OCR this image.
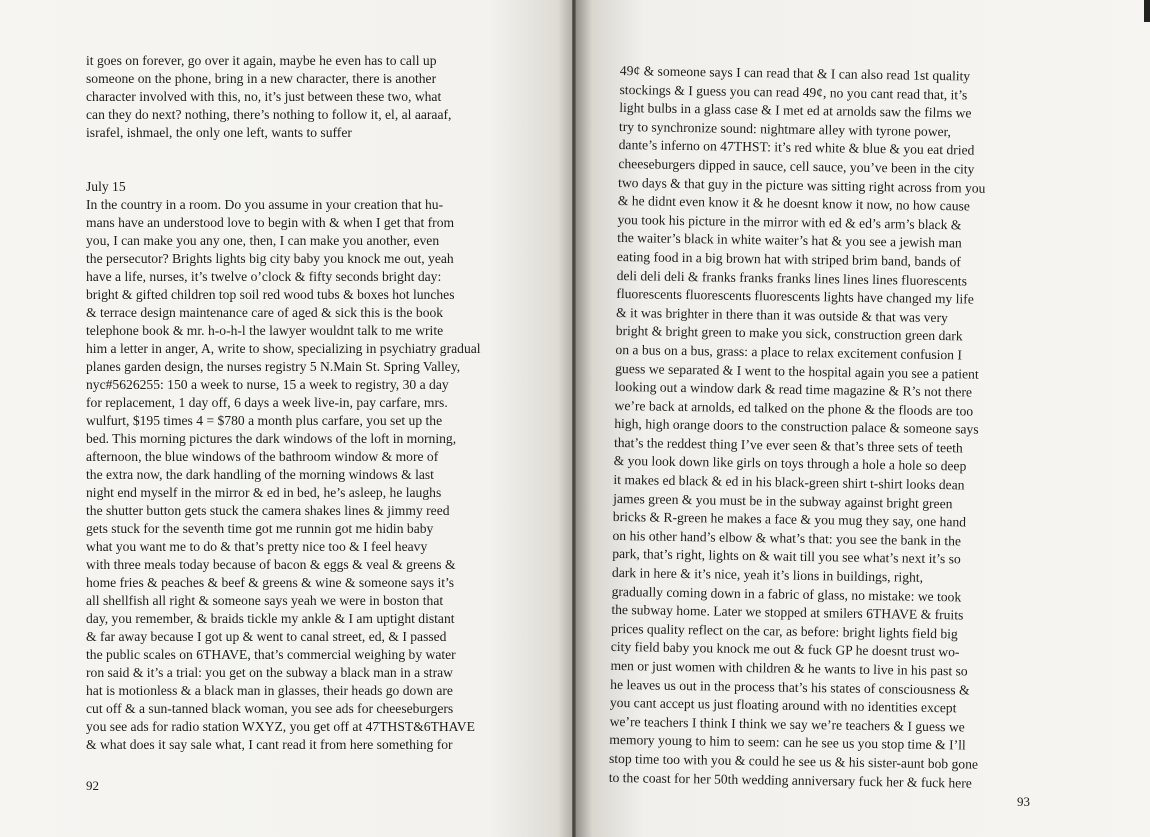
it goes on forever, go over it again, maybe he even has to call up
someone on the phone, bring in a new character, there is another
character involved with this, no, it’s just between these two, what
can they do next? nothing, there’s nothing to follow it, el, al aaraaf,
israfel, ishmael, the only one left, wants to suffer
July 15
In the country in a room. Do you assume in your creation that hu-
mans have an understood love to begin with & when I get that from
you, I can make you any one, then, I can make you another, even
the persecutor? Brights lights big city baby you knock me out, yeah
have a life, nurses, it’s twelve o’clock & fifty seconds bright day:
bright & gifted children top soil red wood tubs & boxes hot lunches
& terrace design maintenance care of aged & sick this is the book
telephone book & mr. h-o-h-l the lawyer wouldnt talk to me write
him a letter in anger, A, write to show, specializing in psychiatry gradual
planes garden design, the nurses registry 5 N.Main St. Spring Valley,
nyc#5626255: 150 a week to nurse, 15 a week to registry, 30 a day
for replacement, 1 day off, 6 days a week live-in, pay carfare, mrs.
wulfurt, $195 times 4 = $780 a month plus carfare, you set up the
bed. This morning pictures the dark windows of the loft in morning,
afternoon, the blue windows of the bathroom window & more of
the extra now, the dark handling of the morning windows & last
night end myself in the mirror & ed in bed, he’s asleep, he laughs
the shutter button gets stuck the camera shakes lines & jimmy reed
gets stuck for the seventh time got me runnin got me hidin baby
what you want me to do & that’s pretty nice too & I feel heavy
with three meals today because of bacon & eggs & veal & greens &
home fries & peaches & beef & greens & wine & someone says it’s
all shellfish all right & someone says yeah we were in boston that
day, you remember, & braids tickle my ankle & I am uptight distant
& far away because I got up & went to canal street, ed, & I passed
the public scales on 6THAVE, that’s commercial weighing by water
ron said & it’s a trial: you get on the subway a black man in a straw
hat is motionless & a black man in glasses, their heads go down are
cut off & a sun-tanned black woman, you see ads for cheeseburgers
you see ads for radio station WXYZ, you get off at 47THST&6THAVE
& what does it say sale what, I cant read it from here something for
92
93
49¢ & someone says I can read that & I can also read 1st quality
stockings & I guess you can read 49¢, no you cant read that, it’s
light bulbs in a glass case & I met ed at arnolds saw the films we
try to synchronize sound: nightmare alley with tyrone power,
dante’s inferno on 47THST: it’s red white & blue & you eat dried
cheeseburgers dipped in sauce, cell sauce, you’ve been in the city
two days & that guy in the picture was sitting right across from you
& he didnt even know it & he doesnt know it now, no how cause
you took his picture in the mirror with ed & ed’s arm’s black &
the waiter’s black in white waiter’s hat & you see a jewish man
eating food in a big brown hat with striped brim band, bands of
deli deli deli & franks franks franks lines lines lines fluorescents
fluorescents fluorescents fluorescents lights have changed my life
& it was brighter in there than it was outside & that was very
bright & bright green to make you sick, construction green dark
on a bus on a bus, grass: a place to relax excitement confusion I
guess we separated & I went to the hospital again you see a patient
looking out a window dark & read time magazine & R’s not there
we’re back at arnolds, ed talked on the phone & the floods are too
high, high orange doors to the construction palace & someone says
that’s the reddest thing I’ve ever seen & that’s three sets of teeth
& you look down like girls on toys through a hole a hole so deep
it makes ed black & ed in his black-green shirt t-shirt looks dean
james green & you must be in the subway against bright green
bricks & R-green he makes a face & you mug they say, one hand
on his other hand’s elbow & what’s that: you see the bank in the
park, that’s right, lights on & wait till you see what’s next it’s so
dark in here & it’s nice, yeah it’s lions in buildings, right,
gradually coming down in a fabric of glass, no mistake: we took
the subway home. Later we stopped at smilers 6THAVE & fruits
prices quality reflect on the car, as before: bright lights field big
city field baby you knock me out & fuck GP he doesnt trust wo-
men or just women with children & he wants to live in his past so
he leaves us out in the process that’s his states of consciousness &
you cant accept us just floating around with no identities except
we’re teachers I think I think we say we’re teachers & I guess we
memory young to him to seem: can he see us you stop time & I’ll
stop time too with you & could he see us & his sister-aunt bob gone
to the coast for her 50th wedding anniversary fuck her & fuck here
